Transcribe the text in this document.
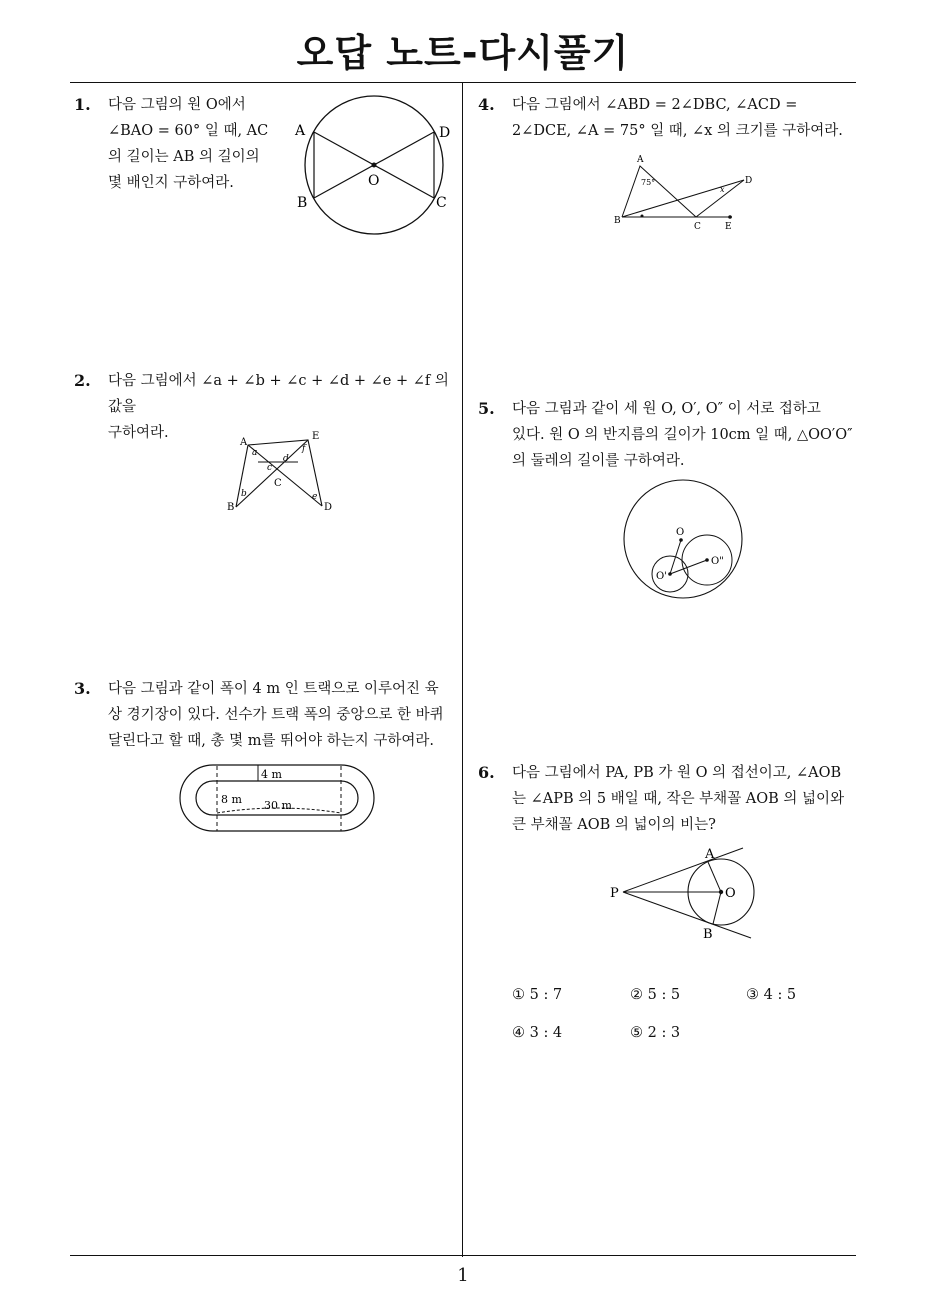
오답 노트-다시풀기
1
1. 다음 그림의 원 O에서
∠BAO = 60° 일 때, AC
의 길이는 AB 의 길이의
몇 배인지 구하여라.
A	D
B	C
O
2. 다음 그림에서 ∠a + ∠b + ∠c + ∠d + ∠e + ∠f 의 값을
구하여라.
A
E
B	D
C
a
b
c
d
e
f
3. 다음 그림과 같이 폭이 4 m 인 트랙으로 이루어진 육
상 경기장이 있다. 선수가 트랙 폭의 중앙으로 한 바퀴
달린다고 할 때, 총 몇 m를 뛰어야 하는지 구하여라.
4 m
8 m 30 m
4. 다음 그림에서 ∠ABD = 2∠DBC, ∠ACD =
2∠DCE, ∠A = 75° 일 때, ∠x 의 크기를 구하여라.
A
B
C
D
E
75°
x
5. 다음 그림과 같이 세 원 O, O′, O″ 이 서로 접하고
있다. 원 O 의 반지름의 길이가 10cm 일 때, △OO′O″
의 둘레의 길이를 구하여라.
O
O'
O"
6. 다음 그림에서 PA, PB 가 원 O 의 접선이고, ∠AOB
는 ∠APB 의 5 배일 때, 작은 부채꼴 AOB 의 넓이와
큰 부채꼴 AOB 의 넓이의 비는?
A
B
O
P
① 5 : 7	② 5 : 5	③ 4 : 5
④ 3 : 4	⑤ 2 : 3
